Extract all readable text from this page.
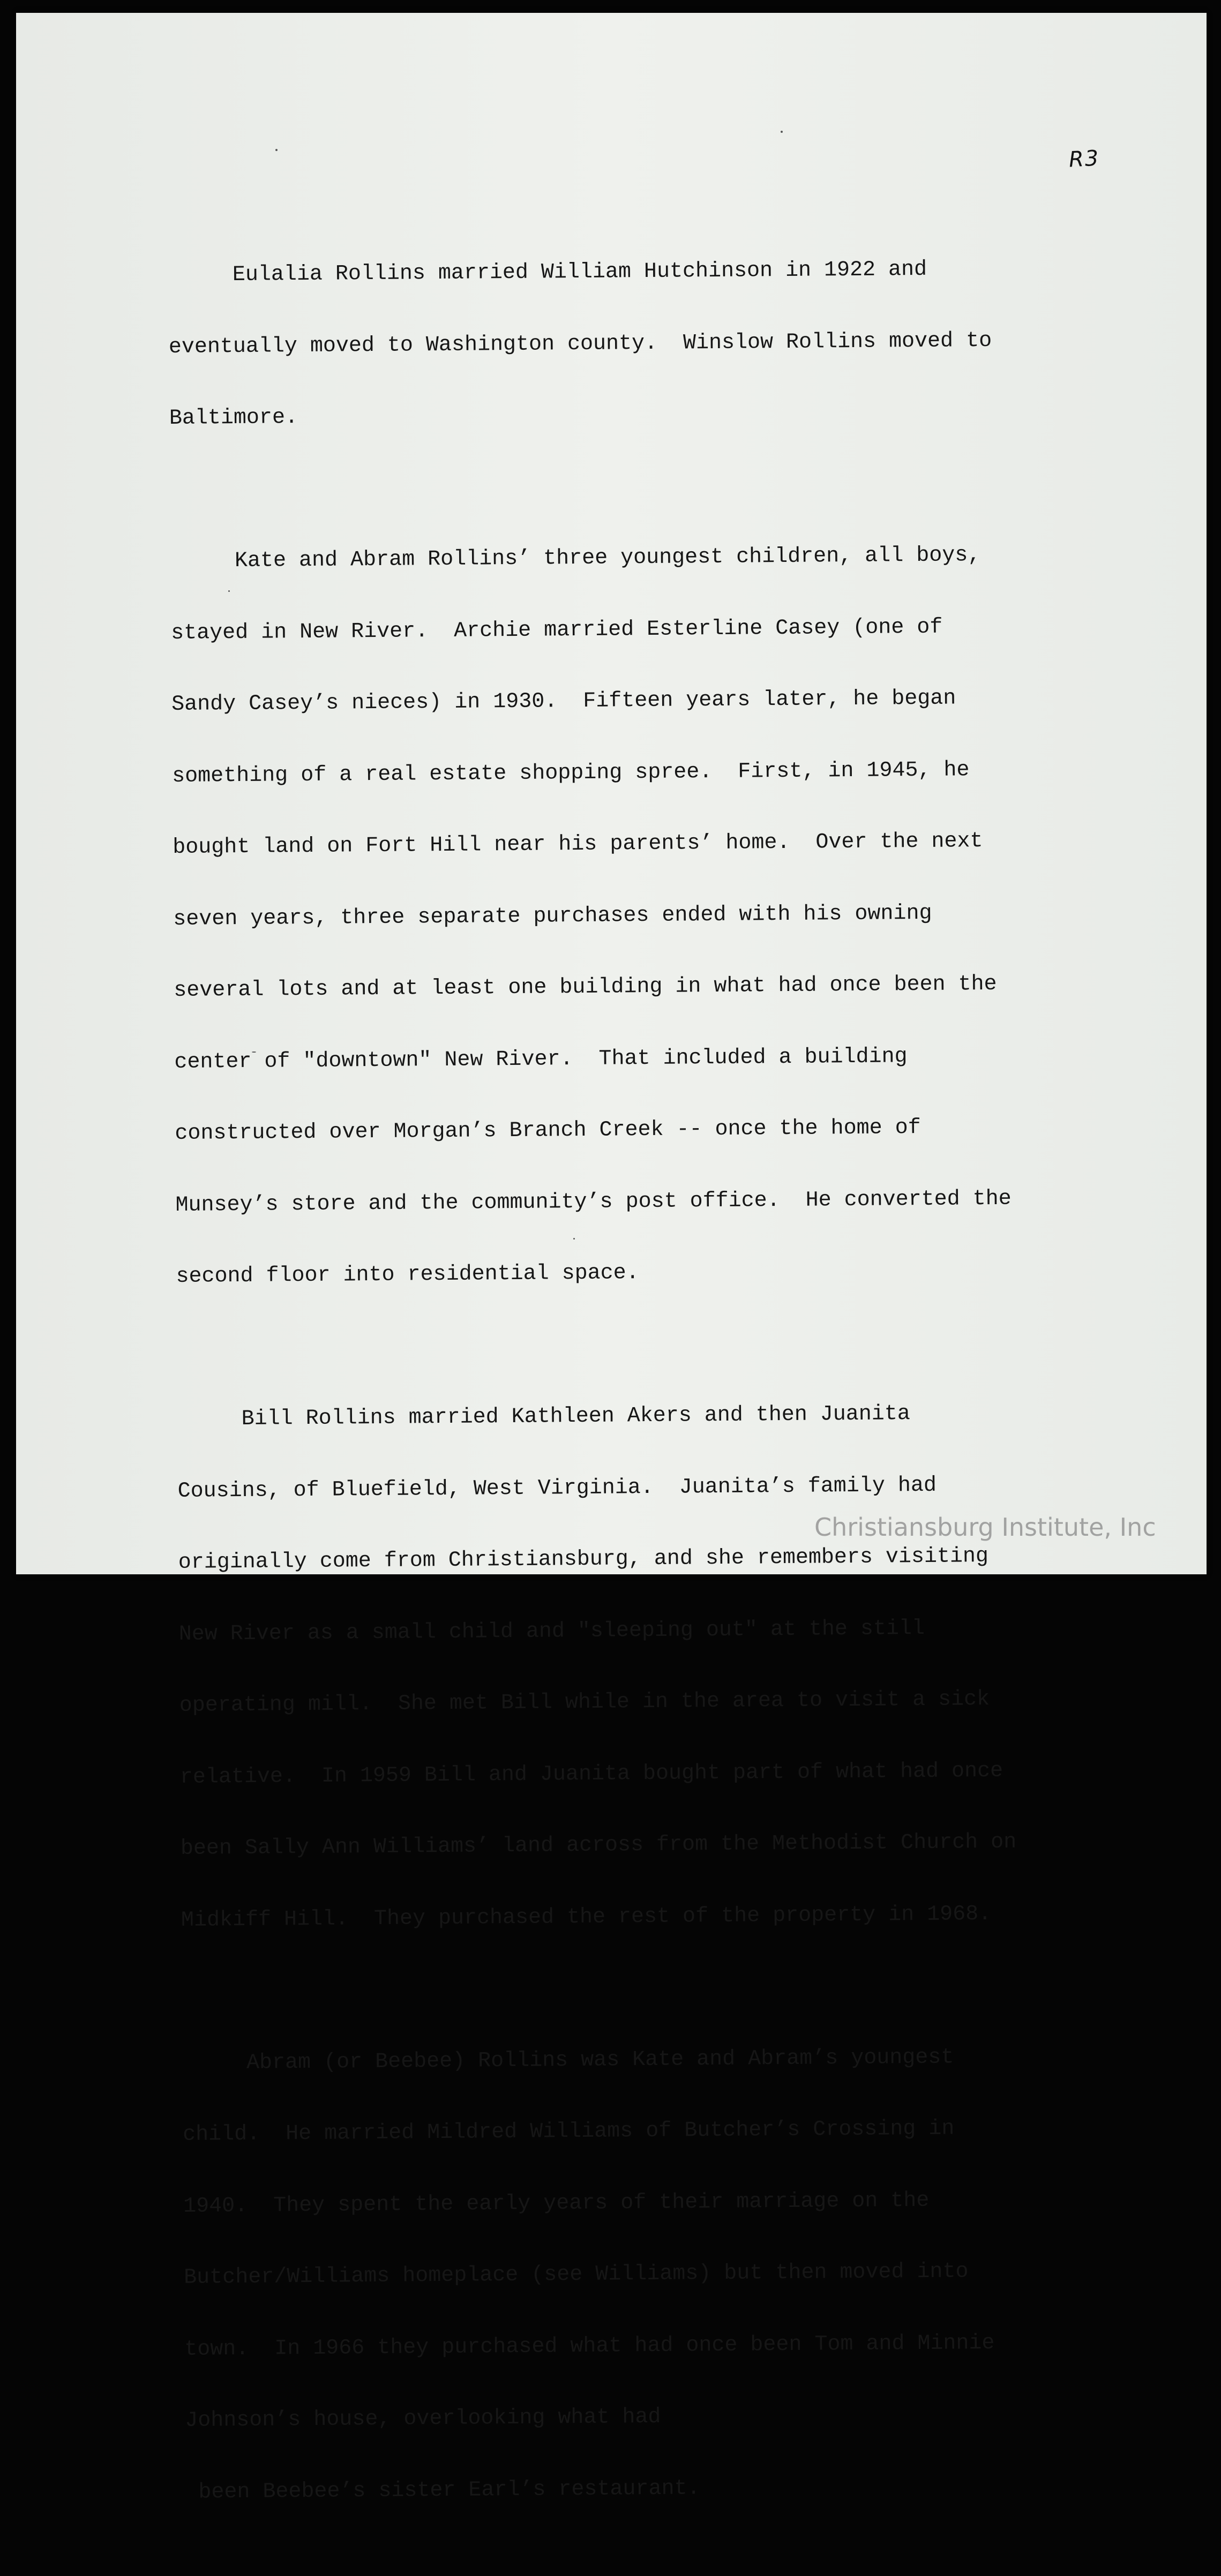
R3

Eulalia Rollins married William Hutchinson in 1922 and

eventually moved to Washington county.  Winslow Rollins moved to

Baltimore.

Kate and Abram Rollins’ three youngest children, all boys,

stayed in New River.  Archie married Esterline Casey (one of

Sandy Casey’s nieces) in 1930.  Fifteen years later, he began

something of a real estate shopping spree.  First, in 1945, he

bought land on Fort Hill near his parents’ home.  Over the next

seven years, three separate purchases ended with his owning

several lots and at least one building in what had once been the

center of "downtown" New River.  That included a building

constructed over Morgan’s Branch Creek -- once the home of

Munsey’s store and the community’s post office.  He converted the

second floor into residential space.

Bill Rollins married Kathleen Akers and then Juanita

Cousins, of Bluefield, West Virginia.  Juanita’s family had

originally come from Christiansburg, and she remembers visiting

New River as a small child and "sleeping out" at the still

operating mill.  She met Bill while in the area to visit a sick

relative.  In 1959 Bill and Juanita bought part of what had once

been Sally Ann Williams’ land across from the Methodist Church on

Midkiff Hill.  They purchased the rest of the property in 1968.

Abram (or Beebee) Rollins was Kate and Abram’s youngest

child.  He married Mildred Williams of Butcher’s Crossing in

1940.  They spent the early years of their marriage on the

Butcher/Williams homeplace (see Williams) but then moved into

town.  In 1966 they purchased what had once been Tom and Minnie

Johnson’s house, overlooking what had

been Beebee’s sister Earl’s restaurant.

Christiansburg Institute, Inc
